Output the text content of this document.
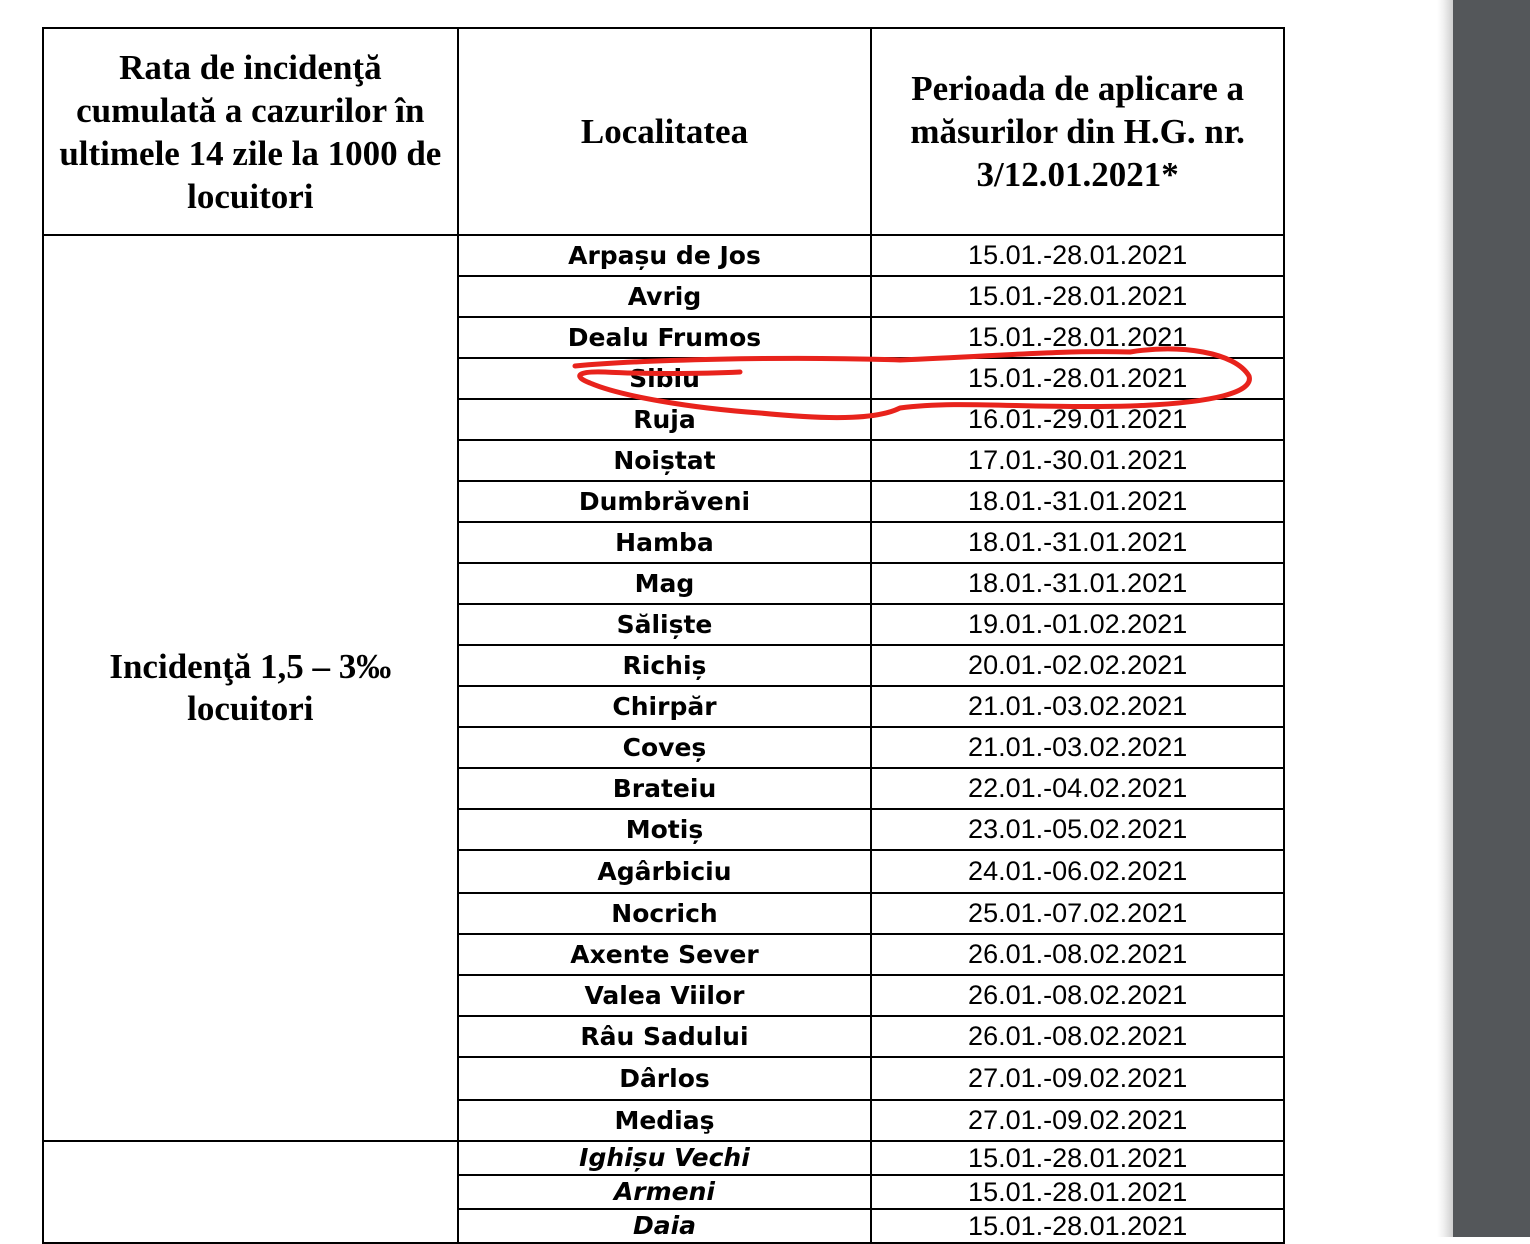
Rata de incidenţă cumulată a cazurilor în ultimele 14 zile la 1000 de locuitori	Localitatea	Perioada de aplicare a măsurilor din H.G. nr. 3/12.01.2021*

Incidenţă 1,5 – 3‰
locuitori	Arpașu de Jos	15.01.-28.01.2021
	Avrig	15.01.-28.01.2021
	Dealu Frumos	15.01.-28.01.2021
	Sibiu	15.01.-28.01.2021
	Ruja	16.01.-29.01.2021
	Noiștat	17.01.-30.01.2021
	Dumbrăveni	18.01.-31.01.2021
	Hamba	18.01.-31.01.2021
	Mag	18.01.-31.01.2021
	Săliște	19.01.-01.02.2021
	Richiș	20.01.-02.02.2021
	Chirpăr	21.01.-03.02.2021
	Coveș	21.01.-03.02.2021
	Brateiu	22.01.-04.02.2021
	Motiș	23.01.-05.02.2021
	Agârbiciu	24.01.-06.02.2021
	Nocrich	25.01.-07.02.2021
	Axente Sever	26.01.-08.02.2021
	Valea Viilor	26.01.-08.02.2021
	Râu Sadului	26.01.-08.02.2021
	Dârlos	27.01.-09.02.2021
	Mediaş	27.01.-09.02.2021
	Ighișu Vechi	15.01.-28.01.2021
	Armeni	15.01.-28.01.2021
	Daia	15.01.-28.01.2021
